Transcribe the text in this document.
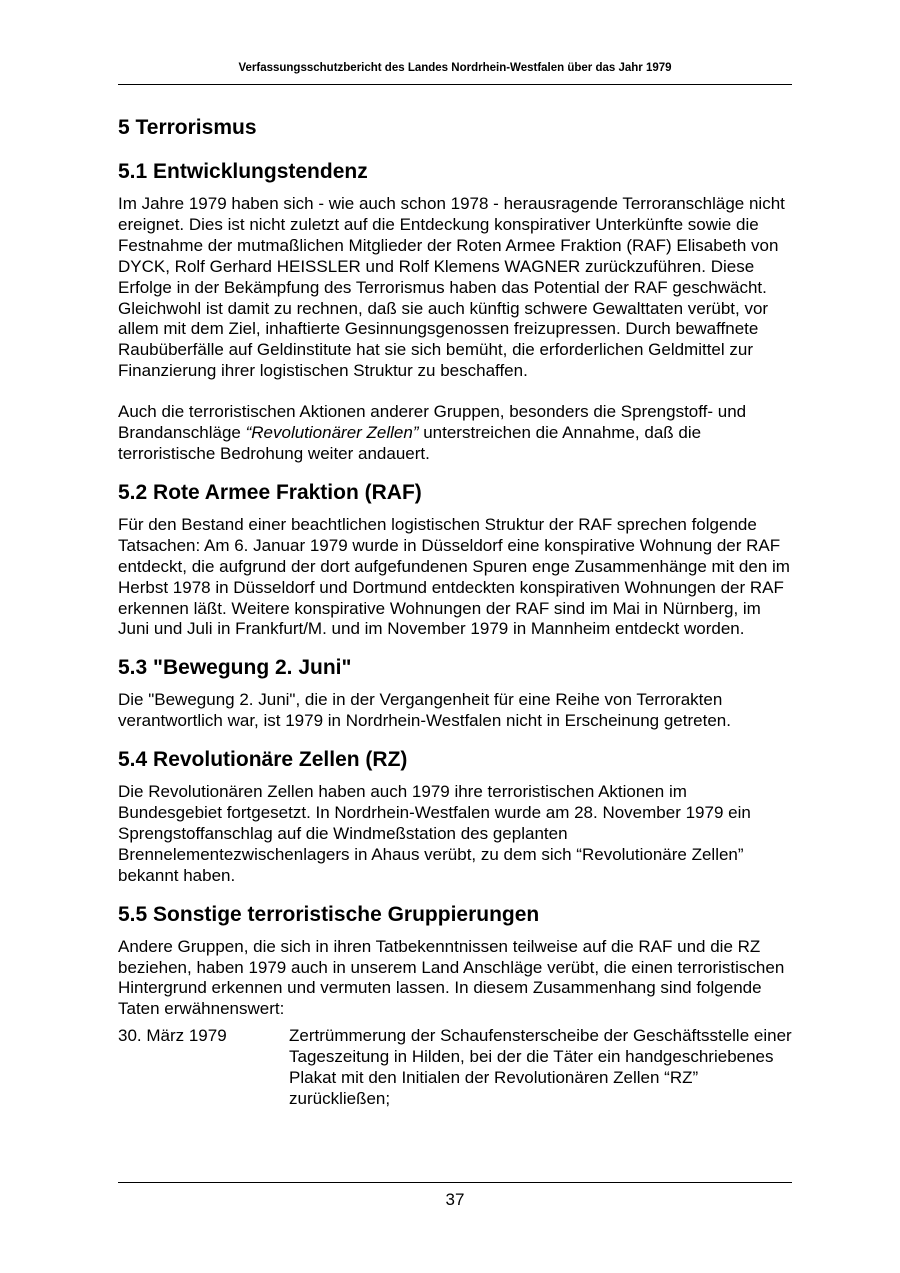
Verfassungsschutzbericht des Landes Nordrhein-Westfalen über das Jahr 1979
5 Terrorismus
5.1 Entwicklungstendenz

Im Jahre 1979 haben sich - wie auch schon 1978 - herausragende Terroranschläge nicht ereignet. Dies ist nicht zuletzt auf die Entdeckung konspirativer Unterkünfte sowie die Festnahme der mutmaßlichen Mitglieder der Roten Armee Fraktion (RAF) Elisabeth von DYCK, Rolf Gerhard HEISSLER und Rolf Klemens WAGNER zurückzuführen. Diese Erfolge in der Bekämpfung des Terrorismus haben das Potential der RAF geschwächt. Gleichwohl ist damit zu rechnen, daß sie auch künftig schwere Gewalttaten verübt, vor allem mit dem Ziel, inhaftierte Gesinnungsgenossen freizupressen. Durch bewaffnete Raubüberfälle auf Geldinstitute hat sie sich bemüht, die erforderlichen Geldmittel zur Finanzierung ihrer logistischen Struktur zu beschaffen.

Auch die terroristischen Aktionen anderer Gruppen, besonders die Sprengstoff- und Brandanschläge “Revolutionärer Zellen” unterstreichen die Annahme, daß die terroristische Bedrohung weiter andauert.

5.2 Rote Armee Fraktion (RAF)

Für den Bestand einer beachtlichen logistischen Struktur der RAF sprechen folgende Tatsachen: Am 6. Januar 1979 wurde in Düsseldorf eine konspirative Wohnung der RAF entdeckt, die aufgrund der dort aufgefundenen Spuren enge Zusammenhänge mit den im Herbst 1978 in Düsseldorf und Dortmund entdeckten konspirativen Wohnungen der RAF erkennen läßt. Weitere konspirative Wohnungen der RAF sind im Mai in Nürnberg, im Juni und Juli in Frankfurt/M. und im November 1979 in Mannheim entdeckt worden.

5.3 "Bewegung 2. Juni"

Die "Bewegung 2. Juni", die in der Vergangenheit für eine Reihe von Terrorakten verantwortlich war, ist 1979 in Nordrhein-Westfalen nicht in Erscheinung getreten.

5.4 Revolutionäre Zellen (RZ)

Die Revolutionären Zellen haben auch 1979 ihre terroristischen Aktionen im Bundesgebiet fortgesetzt. In Nordrhein-Westfalen wurde am 28. November 1979 ein Sprengstoffanschlag auf die Windmeßstation des geplanten Brennelementezwischenlagers in Ahaus verübt, zu dem sich “Revolutionäre Zellen” bekannt haben.

5.5 Sonstige terroristische Gruppierungen

Andere Gruppen, die sich in ihren Tatbekenntnissen teilweise auf die RAF und die RZ beziehen, haben 1979 auch in unserem Land Anschläge verübt, die einen terroristischen Hintergrund erkennen und vermuten lassen. In diesem Zusammenhang sind folgende Taten erwähnenswert:

30. März 1979	Zertrümmerung der Schaufensterscheibe der Geschäftsstelle einer Tageszeitung in Hilden, bei der die Täter ein handgeschriebenes Plakat mit den Initialen der Revolutionären Zellen “RZ” zurückließen;
37
